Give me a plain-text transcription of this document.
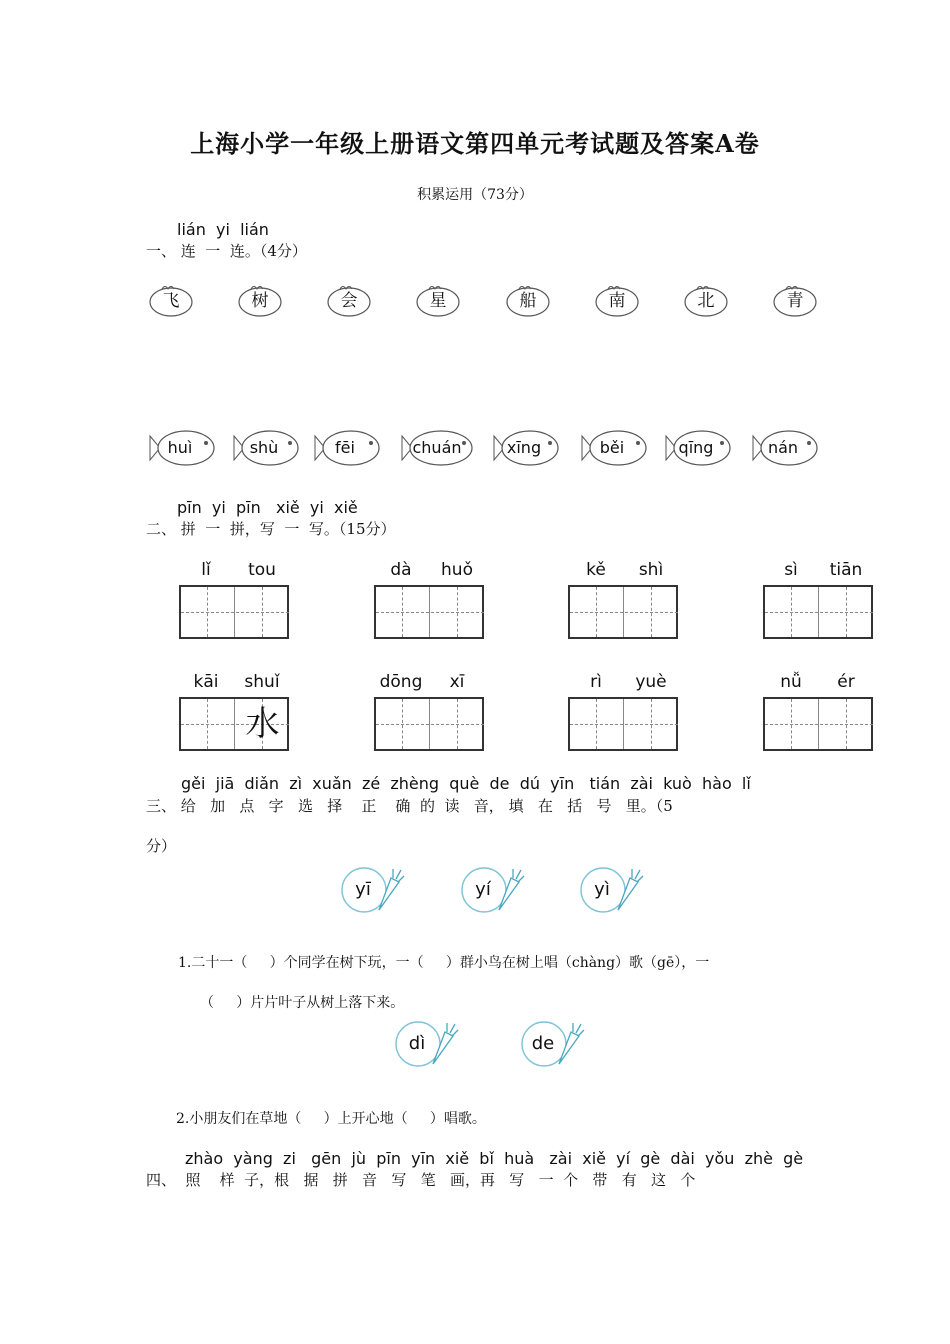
上海小学一年级上册语文第四单元考试题及答案A卷
积累运用（73分）
lián  yi  lián
一、 连  一  连。（4分）
飞	树	会	星	船	南	北	青
huì	shù	fēi	chuán	xīng	běi	qīng	nán
pīn  yi  pīn   xiě  yi  xiě
二、 拼  一  拼，写  一  写。（15分）
lǐ	tou	dà	huǒ	kě	shì	sì	tiān
kāi	shuǐ
水
dōng	xī	rì	yuè	nǚ	ér
gěi  jiā  diǎn  zì  xuǎn  zé  zhèng  què  de  dú  yīn   tián  zài  kuò  hào  lǐ
三、 给   加   点   字   选   择    正    确  的  读   音， 填   在   括   号   里。（5
分）
yī	yí	yì
1.二十一（     ）个同学在树下玩，一（     ）群小鸟在树上唱（chàng）歌（gē），一
（     ）片片叶子从树上落下来。
dì	de
2.小朋友们在草地（     ）上开心地（     ）唱歌。
zhào  yàng  zi   gēn  jù  pīn  yīn  xiě  bǐ  huà   zài  xiě  yí  gè  dài  yǒu  zhè  gè
四、  照    样  子，根   据   拼   音   写   笔   画，再   写   一  个   带   有   这   个
